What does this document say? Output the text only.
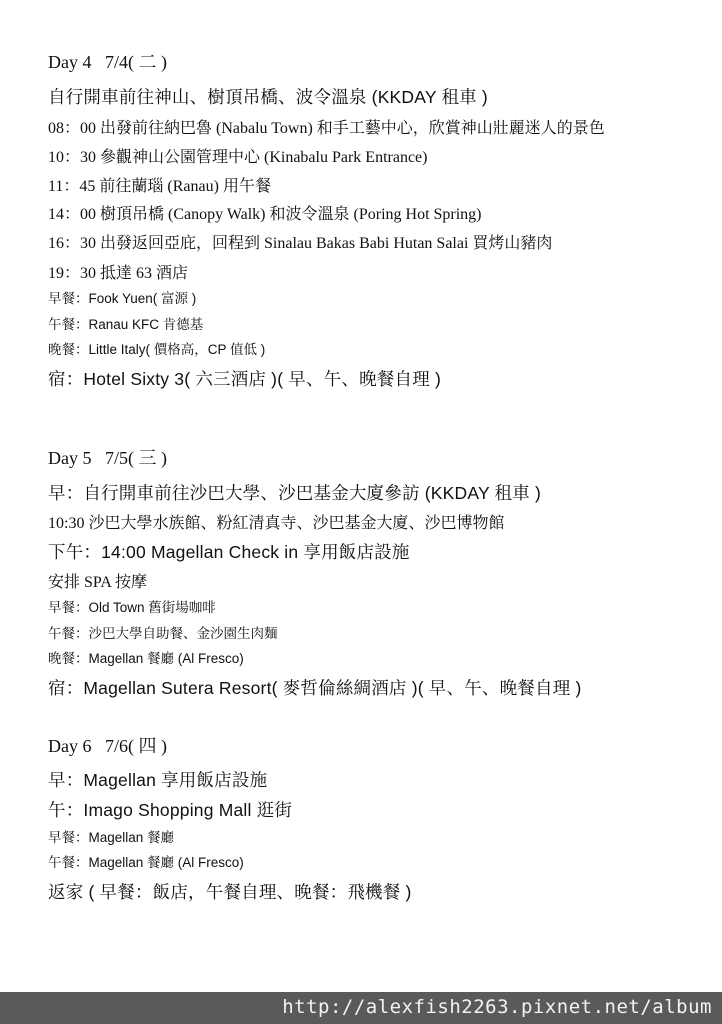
Day 4   7/4( 二 )
自行開車前往神山、樹頂吊橋、波令溫泉 (KKDAY 租車 )
08：00 出發前往納巴魯 (Nabalu Town) 和手工藝中心，欣賞神山壯麗迷人的景色
10：30 參觀神山公園管理中心 (Kinabalu Park Entrance)
11：45 前往蘭瑙 (Ranau) 用午餐
14：00 樹頂吊橋 (Canopy Walk) 和波令溫泉 (Poring Hot Spring)
16：30 出發返回亞庇，回程到 Sinalau Bakas Babi Hutan Salai 買烤山豬肉
19：30 抵達 63 酒店
早餐：Fook Yuen( 富源 )
午餐：Ranau KFC 肯德基
晚餐：Little Italy( 價格高，CP 值低 )
宿：Hotel Sixty 3( 六三酒店 )( 早、午、晚餐自理 )
Day 5   7/5( 三 )
早：自行開車前往沙巴大學、沙巴基金大廈參訪 (KKDAY 租車 )
10:30 沙巴大學水族館、粉紅清真寺、沙巴基金大廈、沙巴博物館
下午：14:00 Magellan Check in 享用飯店設施
安排 SPA 按摩
早餐：Old Town 舊街場咖啡
午餐：沙巴大學自助餐、金沙園生肉麵
晚餐：Magellan 餐廳 (Al Fresco)
宿：Magellan Sutera Resort( 麥哲倫絲綢酒店 )( 早、午、晚餐自理 )
Day 6   7/6( 四 )
早：Magellan 享用飯店設施
午：Imago Shopping Mall 逛街
早餐：Magellan 餐廳
午餐：Magellan 餐廳 (Al Fresco)
返家 ( 早餐：飯店，午餐自理、晚餐：飛機餐 )
http://alexfish2263.pixnet.net/album
